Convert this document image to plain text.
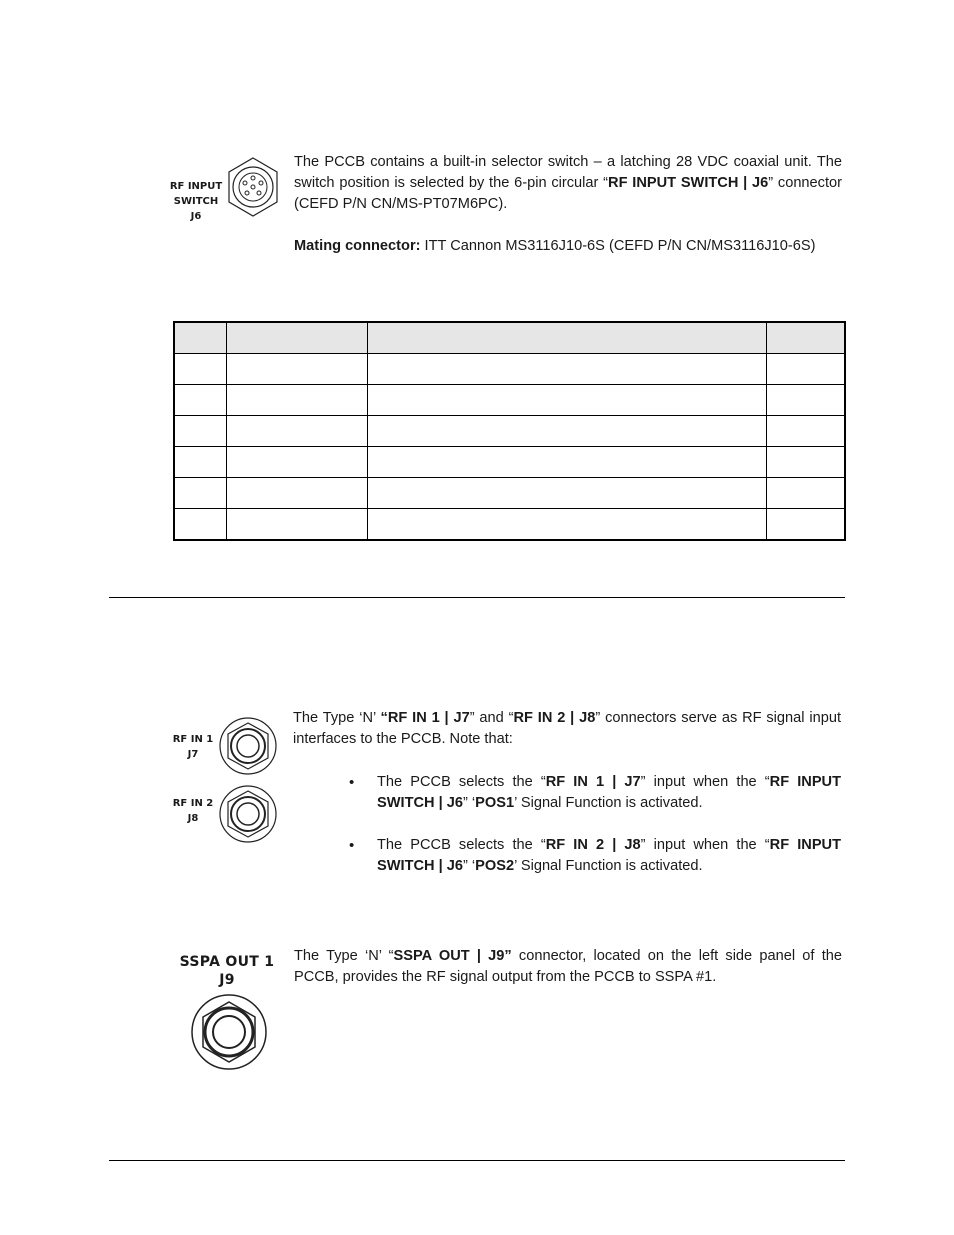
RF INPUT
SWITCH
J6

The PCCB contains a built-in selector switch – a latching 28 VDC coaxial unit. The switch position is selected by the 6-pin circular “RF INPUT SWITCH | J6” connector (CEFD P/N CN/MS-PT07M6PC).

Mating connector: ITT Cannon MS3116J10-6S (CEFD P/N CN/MS3116J10-6S)

RF IN 1
J7
RF IN 2
J8

The Type ‘N’ “RF IN 1 | J7” and “RF IN 2 | J8” connectors serve as RF signal input interfaces to the PCCB. Note that:

• The PCCB selects the “RF IN 1 | J7” input when the “RF INPUT SWITCH | J6” ‘POS1’ Signal Function is activated.
• The PCCB selects the “RF IN 2 | J8” input when the “RF INPUT SWITCH | J6” ‘POS2’ Signal Function is activated.
SSPA OUT 1
J9

The Type ‘N’ “SSPA OUT | J9” connector, located on the left side panel of the PCCB, provides the RF signal output from the PCCB to SSPA #1.
